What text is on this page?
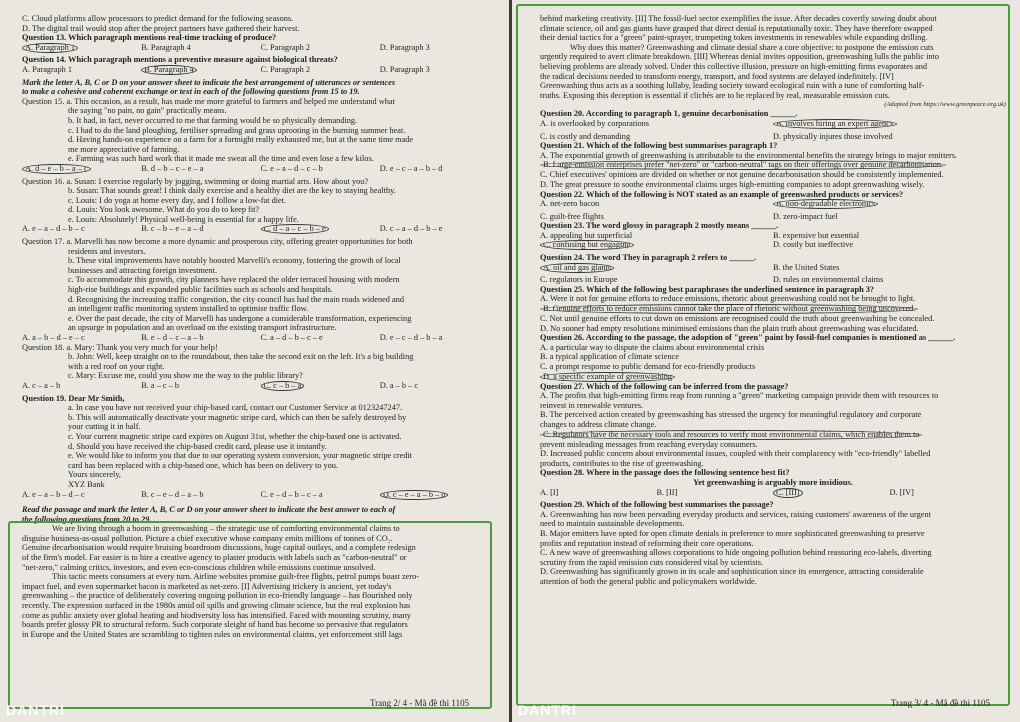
C. Cloud platforms allow processors to predict demand for the following seasons.
D. The digital trail would stop after the project partners have gathered their harvest.
Question 13. Which paragraph mentions real-time tracking of produce?
A. Paragraph 1	B. Paragraph 4	C. Paragraph 2	D. Paragraph 3
Question 14. Which paragraph mentions a preventive measure against biological threats?
A. Paragraph 1	B. Paragraph 4	C. Paragraph 2	D. Paragraph 3
Mark the letter A, B, C or D on your answer sheet to indicate the best arrangement of utterances or sentences
to make a cohesive and coherent exchange or text in each of the following questions from 15 to 19.
Question 15. a. This occasion, as a result, has made me more grateful to farmers and helped me understand what
the saying "no pain, no gain" practically means.
b. It had, in fact, never occurred to me that farming would be so physically demanding.
c. I had to do the land ploughing, fertiliser spreading and grass uprooting in the burning summer heat.
d. Having hands-on experience on a farm for a fortnight really exhausted me, but at the same time made
me more appreciative of farming.
e. Farming was such hard work that it made me sweat all the time and even lose a few kilos.
A. d – e – b – a – c	B. d – b – c – e – a	C. e – a – d – c – b	D. e – c – a – b – d
Question 16. a. Susan: I exercise regularly by jogging, swimming or doing martial arts. How about you?
b. Susan: That sounds great! I think daily exercise and a healthy diet are the key to staying healthy.
c. Louis: I do yoga at home every day, and I follow a low-fat diet.
d. Louis: You look awesome. What do you do to keep fit?
e. Louis: Absolutely! Physical well-being is essential for a happy life.
A. e – a – d – b – c	B. c – b – e – a – d	C. d – a – c – b – e	D. c – a – d – b – e
Question 17. a. Marvelli has now become a more dynamic and prosperous city, offering greater opportunities for both
residents and investors.
b. These vital improvements have notably boosted Marvelli's economy, fostering the growth of local
businesses and attracting foreign investment.
c. To accommodate this growth, city planners have replaced the older terraced housing with modern
high-rise buildings and expanded public facilities such as schools and hospitals.
d. Recognising the increasing traffic congestion, the city council has had the main roads widened and
an intelligent traffic monitoring system installed to optimise traffic flow.
e. Over the past decade, the city of Marvelli has undergone a considerable transformation, experiencing
an upsurge in population and an overload on the existing transport infrastructure.
A. a – b – d – e – c	B. e – d – c – a – b	C. a – d – b – c – e	D. e – c – d – b – a
Question 18. a. Mary: Thank you very much for your help!
b. John: Well, keep straight on to the roundabout, then take the second exit on the left. It's a big building
with a red roof on your right.
c. Mary: Excuse me, could you show me the way to the public library?
A. c – a – b	B. a – c – b	C. c – b – a	D. a – b – c
Question 19. Dear Mr Smith,
a. In case you have not received your chip-based card, contact our Customer Service at 0123247247.
b. This will automatically deactivate your magnetic stripe card, which can then be safely destroyed by
your cutting it in half.
c. Your current magnetic stripe card expires on August 31st, whether the chip-based one is activated.
d. Should you have received the chip-based credit card, please use it instantly.
e. We would like to inform you that due to our operating system conversion, your magnetic stripe credit
card has been replaced with a chip-based one, which has been on delivery to you.
Yours sincerely,
XYZ Bank
A. e – a – b – d – c	B. c – e – d – a – b	C. e – d – b – c – a	D. c – e – a – b – d
Read the passage and mark the letter A, B, C or D on your answer sheet to indicate the best answer to each of
the following questions from 20 to 29.
We are living through a boom in greenwashing – the strategic use of comforting environmental claims to
disguise business-as-usual pollution. Picture a chief executive whose company emits millions of tonnes of CO₂.
Genuine decarbonisation would require bruising boardroom discussions, huge capital outlays, and a complete redesign
of the firm's model. Far easier is to hire a creative agency to plaster products with labels such as "carbon-neutral" or
"net-zero," calming critics, investors, and even eco-conscious children while emissions continue unsolved.
This tactic meets consumers at every turn. Airline websites promise guilt-free flights, petrol pumps boast zero-
impact fuel, and even supermarket bacon is marketed as net-zero. [I] Advertising trickery is ancient, yet today's
greenwashing – the practice of deliberately covering ongoing pollution in eco-friendly language – has flourished only
recently. The expression surfaced in the 1980s amid oil spills and growing climate science, but the real explosion has
come as public anxiety over global heating and biodiversity loss has intensified. Faced with mounting scrutiny, many
boards prefer glossy PR to structural reform. Such corporate sleight of hand has become so pervasive that regulators
in Europe and the United States are scrambling to tighten rules on environmental claims, yet enforcement still lags
Trang 2/ 4 - Mã đề thi 1105
DANTRI
behind marketing creativity. [II] The fossil-fuel sector exemplifies the issue. After decades covertly sowing doubt about
climate science, oil and gas giants have grasped that direct denial is reputationally toxic. They have therefore swapped
their denial tactics for a "green" paint-sprayer, trumpeting token investments in renewables while expanding drilling.
Why does this matter? Greenwashing and climate denial share a core objective: to postpone the emission cuts
urgently required to avert climate breakdown. [III] Whereas denial invites opposition, greenwashing lulls the public into
believing problems are already solved. Under this collective illusion, pressure on high-emitting firms evaporates and
the radical decisions needed to transform energy, transport, and food systems are delayed indefinitely. [IV]
Greenwashing thus acts as a soothing lullaby, leading society toward ecological ruin with a tune of comforting half-
truths. Exposing this deception is essential if clichés are to be replaced by real, measurable emission cuts.
(Adapted from https://www.greenpeace.org.uk)
Question 20. According to paragraph 1, genuine decarbonisation ______.
A. is overlooked by corporations	B. involves hiring an expert agency
C. is costly and demanding	D. physically injures those involved
Question 21. Which of the following best summarises paragraph 1?
A. The exponential growth of greenwashing is attributable to the environmental benefits the strategy brings to major emitters.
B. Large-emission enterprises prefer "net-zero" or "carbon-neutral" tags on their offerings over genuine decarbonisation.
C. Chief executives' opinions are divided on whether or not genuine decarbonisation should be consistently implemented.
D. The great pressure to soothe environmental claims urges high-emitting companies to adopt greenwashing wisely.
Question 22. Which of the following is NOT stated as an example of greenwashed products or services?
A. net-zero bacon	B. non-degradable electronics
C. guilt-free flights	D. zero-impact fuel
Question 23. The word glossy in paragraph 2 mostly means ______.
A. appealing but superficial	B. expensive but essential
C. confusing but engaging	D. costly but ineffective
Question 24. The word They in paragraph 2 refers to ______.
A. oil and gas giants	B. the United States
C. regulators in Europe	D. rules on environmental claims
Question 25. Which of the following best paraphrases the underlined sentence in paragraph 3?
A. Were it not for genuine efforts to reduce emissions, rhetoric about greenwashing could not be brought to light.
B. Genuine efforts to reduce emissions cannot take the place of rhetoric without greenwashing being uncovered.
C. Not until genuine efforts to cut down on emissions are recognised could the truth about greenwashing be concealed.
D. No sooner had empty resolutions minimised emissions than the plain truth about greenwashing was elucidated.
Question 26. According to the passage, the adoption of "green" paint by fossil-fuel companies is mentioned as ______.
A. a particular way to dispute the claims about environmental crisis
B. a typical application of climate science
C. a prompt response to public demand for eco-friendly products
D. a specific example of greenwashing
Question 27. Which of the following can be inferred from the passage?
A. The profits that high-emitting firms reap from running a "green" marketing campaign provide them with resources to
reinvest in renewable ventures.
B. The perceived action created by greenwashing has stressed the urgency for meaningful regulatory and corporate
changes to address climate change.
C. Regulators have the necessary tools and resources to verify most environmental claims, which enables them to
prevent misleading messages from reaching everyday consumers.
D. Increased public concern about environmental issues, coupled with their complacency with "eco-friendly" labelled
products, contributes to the rise of greenwashing.
Question 28. Where in the passage does the following sentence best fit?
Yet greenwashing is arguably more insidious.
A. [I]	B. [II]	C. [III]	D. [IV]
Question 29. Which of the following best summarises the passage?
A. Greenwashing has now been pervading everyday products and services, raising customers' awareness of the urgent
need to maintain sustainable developments.
B. Major emitters have opted for open climate denials in preference to more sophisticated greenwashing to preserve
profits and reputation instead of reforming their core operations.
C. A new wave of greenwashing allows corporations to hide ongoing pollution behind reassuring eco-labels, diverting
scrutiny from the rapid emission cuts considered vital by scientists.
D. Greenwashing has significantly grown in its scale and sophistication since its emergence, attracting considerable
attention of both the general public and policymakers worldwide.
Trang 3/ 4 - Mã đề thi 1105
DANTRI
